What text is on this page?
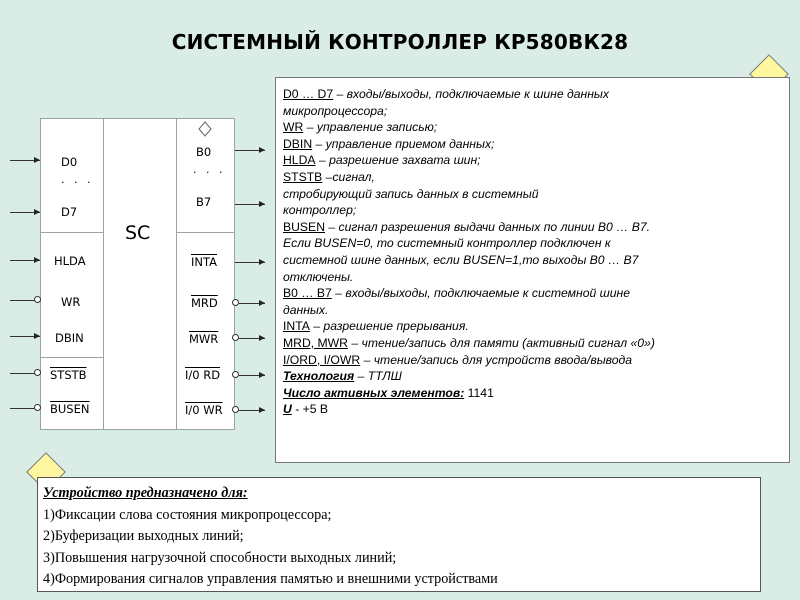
СИСТЕМНЫЙ КОНТРОЛЛЕР КР580ВК28
D0
. . .
D7
HLDA
WR
DBIN
STSTB
BUSEN
SC
B0
. . .
B7
INTA
$\overline{MRD}$
$\overline{MWR}$
I/0 RD
I/0 WR
D0 … D7 – входы/выходы, подключаемые к шине данных
микропроцессора;
WR – управление записью;
DBIN – управление приемом данных;
HLDA – разрешение захвата шин;
STSTB –сигнал,
стробирующий запись данных в системный
контроллер;
BUSEN – сигнал разрешения выдачи данных по линии B0 … B7.
Если BUSEN=0, то системный контроллер подключен к
системной шине данных, если BUSEN=1,то выходы B0 … B7
отключены.
B0 … B7 – входы/выходы, подключаемые к системной шине
данных.
INTA – разрешение прерывания.
MRD, MWR – чтение/запись для памяти (активный сигнал «0»)
I/ORD, I/OWR – чтение/запись для устройств ввода/вывода
Технология – ТТЛШ
Число активных элементов: 1141
U - +5 В
Устройство предназначено для:
1)Фиксации слова состояния микропроцессора;
2)Буферизации выходных линий;
3)Повышения нагрузочной способности выходных линий;
4)Формирования сигналов управления памятью и внешними устройствами
